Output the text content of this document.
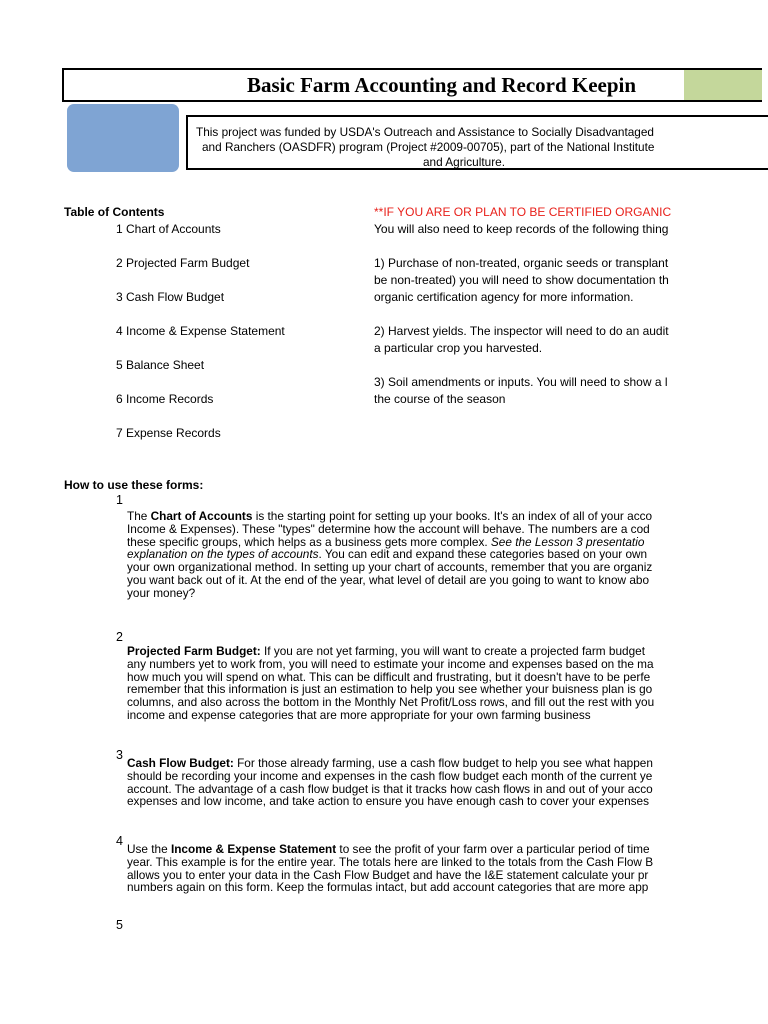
Basic Farm Accounting and Record Keepin
This project was funded by USDA's Outreach and Assistance to Socially Disadvantaged
and Ranchers (OASDFR) program (Project #2009-00705), part of the National Institute
and Agriculture.
Table of Contents
1 Chart of Accounts
2 Projected Farm Budget
3 Cash Flow Budget
4 Income & Expense Statement
5 Balance Sheet
6 Income Records
7 Expense Records
**IF YOU ARE OR PLAN TO BE CERTIFIED ORGANIC
You will also need to keep records of the following thing
1) Purchase of non-treated, organic seeds or transplant
be non-treated) you will need to show documentation th
organic certification agency for more information.
2) Harvest yields. The inspector will need to do an audit
a particular crop you harvested.
3) Soil amendments or inputs. You will need to show a l
the course of the season
How to use these forms:
1
The Chart of Accounts is the starting point for setting up your books. It's an index of all of your acco
Income & Expenses). These "types" determine how the account will behave. The numbers are a cod
these specific groups, which helps as a business gets more complex. See the Lesson 3 presentatio
explanation on the types of accounts. You can edit and expand these categories based on your own
your own organizational method. In setting up your chart of accounts, remember that you are organiz
you want back out of it. At the end of the year, what level of detail are you going to want to know abo
your money?
2
Projected Farm Budget: If you are not yet farming, you will want to create a projected farm budget
any numbers yet to work from, you will need to estimate your income and expenses based on the ma
how much you will spend on what. This can be difficult and frustrating, but it doesn't have to be perfe
remember that this information is just an estimation to help you see whether your buisness plan is go
columns, and also across the bottom in the Monthly Net Profit/Loss rows, and fill out the rest with you
income and expense categories that are more appropriate for your own farming business
3
Cash Flow Budget: For those already farming, use a cash flow budget to help you see what happen
should be recording your income and expenses in the cash flow budget each month of the current ye
account. The advantage of a cash flow budget is that it tracks how cash flows in and out of your acco
expenses and low income, and take action to ensure you have enough cash to cover your expenses
4
Use the Income & Expense Statement to see the profit of your farm over a particular period of time
year. This example is for the entire year. The totals here are linked to the totals from the Cash Flow B
allows you to enter your data in the Cash Flow Budget and have the I&E statement calculate your pr
numbers again on this form. Keep the formulas intact, but add account categories that are more app
5
